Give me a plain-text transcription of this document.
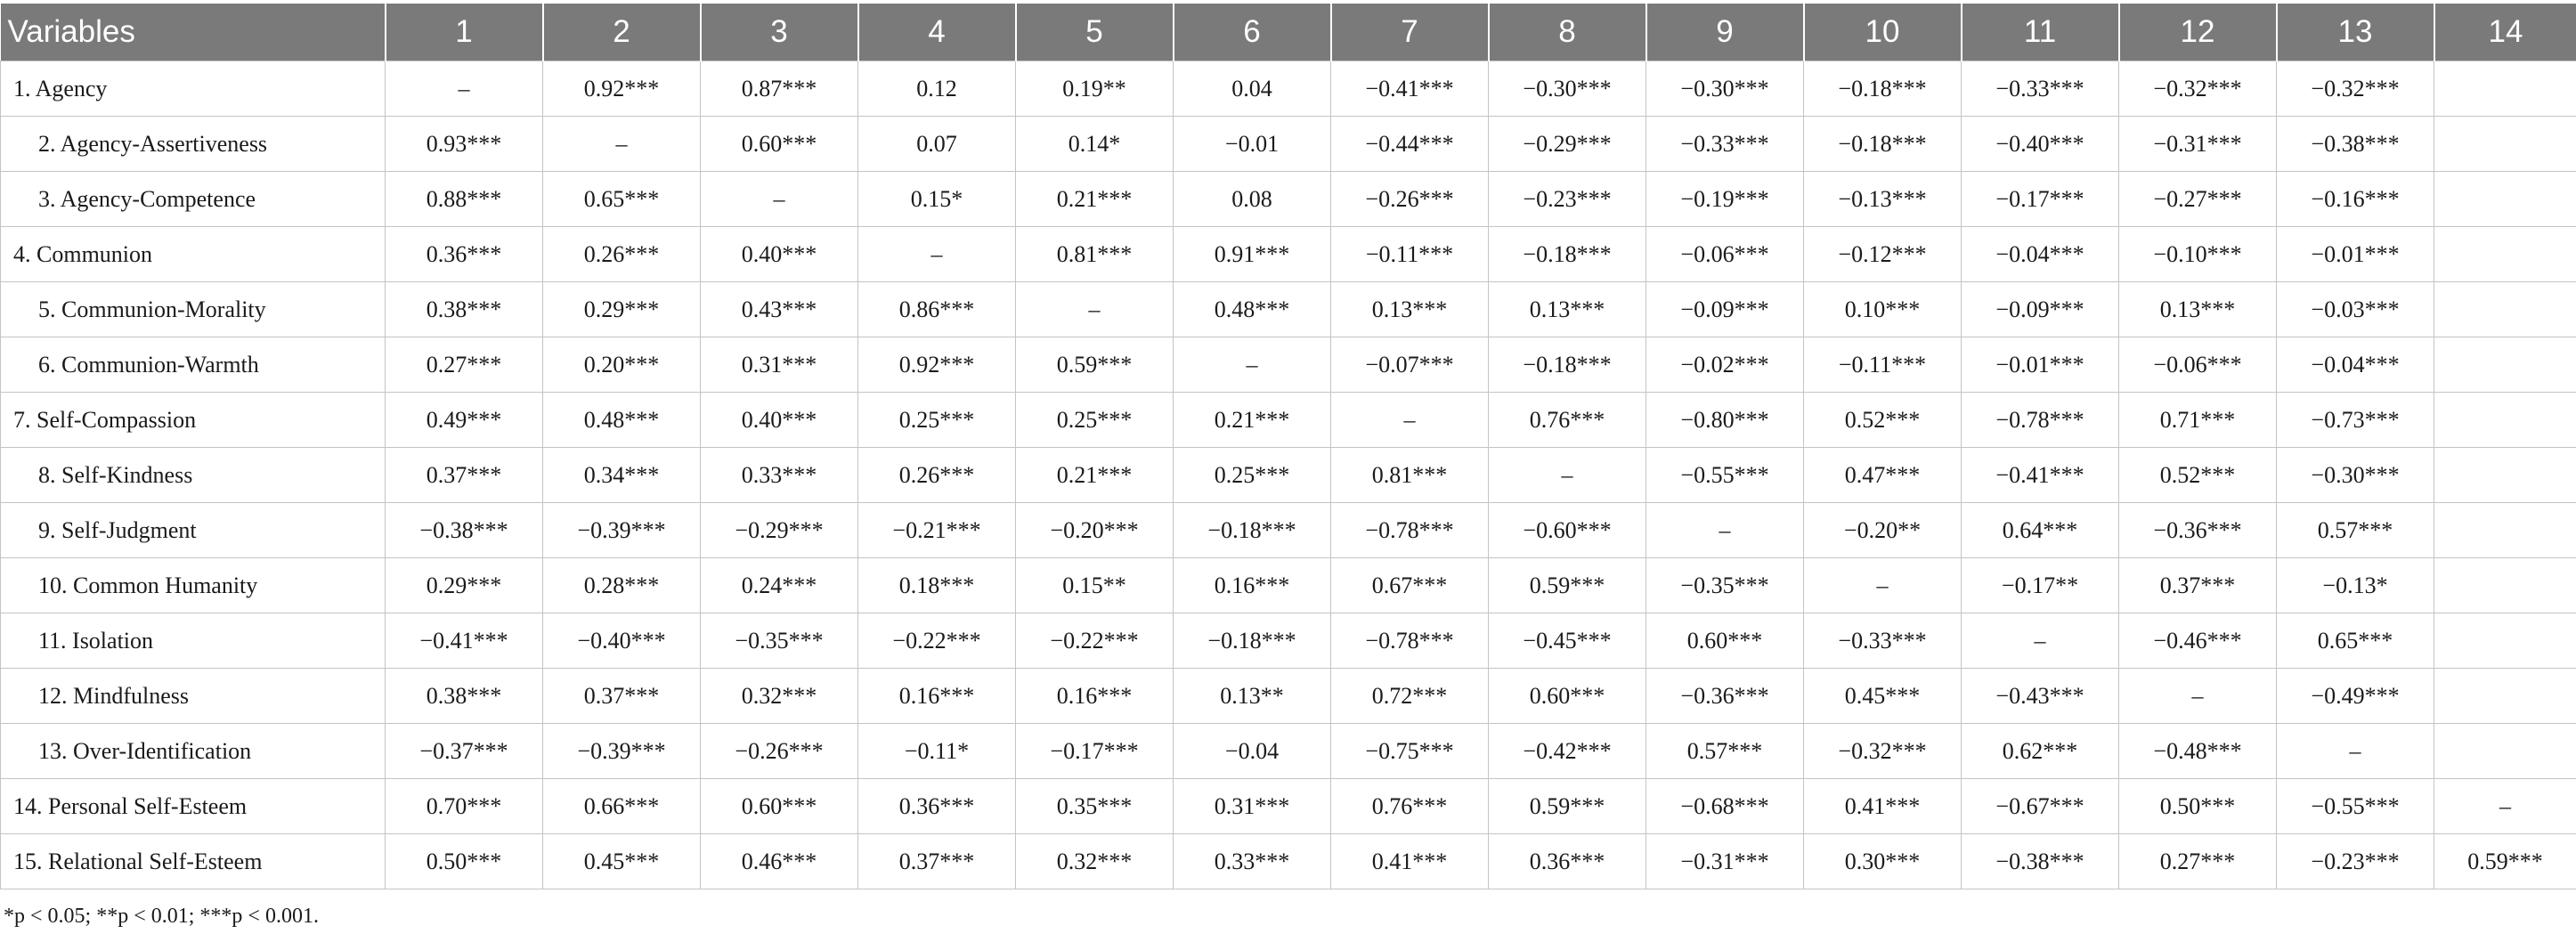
Variables	1	2	3	4	5	6	7	8	9	10	11	12	13	14
1. Agency	–	0.92***	0.87***	0.12	0.19**	0.04	−0.41***	−0.30***	−0.30***	−0.18***	−0.33***	−0.32***	−0.32***	
2. Agency-Assertiveness	0.93***	–	0.60***	0.07	0.14*	−0.01	−0.44***	−0.29***	−0.33***	−0.18***	−0.40***	−0.31***	−0.38***	
3. Agency-Competence	0.88***	0.65***	–	0.15*	0.21***	0.08	−0.26***	−0.23***	−0.19***	−0.13***	−0.17***	−0.27***	−0.16***	
4. Communion	0.36***	0.26***	0.40***	–	0.81***	0.91***	−0.11***	−0.18***	−0.06***	−0.12***	−0.04***	−0.10***	−0.01***	
5. Communion-Morality	0.38***	0.29***	0.43***	0.86***	–	0.48***	0.13***	0.13***	−0.09***	0.10***	−0.09***	0.13***	−0.03***	
6. Communion-Warmth	0.27***	0.20***	0.31***	0.92***	0.59***	–	−0.07***	−0.18***	−0.02***	−0.11***	−0.01***	−0.06***	−0.04***	
7. Self-Compassion	0.49***	0.48***	0.40***	0.25***	0.25***	0.21***	–	0.76***	−0.80***	0.52***	−0.78***	0.71***	−0.73***	
8. Self-Kindness	0.37***	0.34***	0.33***	0.26***	0.21***	0.25***	0.81***	–	−0.55***	0.47***	−0.41***	0.52***	−0.30***	
9. Self-Judgment	−0.38***	−0.39***	−0.29***	−0.21***	−0.20***	−0.18***	−0.78***	−0.60***	–	−0.20**	0.64***	−0.36***	0.57***	
10. Common Humanity	0.29***	0.28***	0.24***	0.18***	0.15**	0.16***	0.67***	0.59***	−0.35***	–	−0.17**	0.37***	−0.13*	
11. Isolation	−0.41***	−0.40***	−0.35***	−0.22***	−0.22***	−0.18***	−0.78***	−0.45***	0.60***	−0.33***	–	−0.46***	0.65***	
12. Mindfulness	0.38***	0.37***	0.32***	0.16***	0.16***	0.13**	0.72***	0.60***	−0.36***	0.45***	−0.43***	–	−0.49***	
13. Over-Identification	−0.37***	−0.39***	−0.26***	−0.11*	−0.17***	−0.04	−0.75***	−0.42***	0.57***	−0.32***	0.62***	−0.48***	–	
14. Personal Self-Esteem	0.70***	0.66***	0.60***	0.36***	0.35***	0.31***	0.76***	0.59***	−0.68***	0.41***	−0.67***	0.50***	−0.55***	–
15. Relational Self-Esteem	0.50***	0.45***	0.46***	0.37***	0.32***	0.33***	0.41***	0.36***	−0.31***	0.30***	−0.38***	0.27***	−0.23***	0.59***
*p < 0.05; **p < 0.01; ***p < 0.001.
